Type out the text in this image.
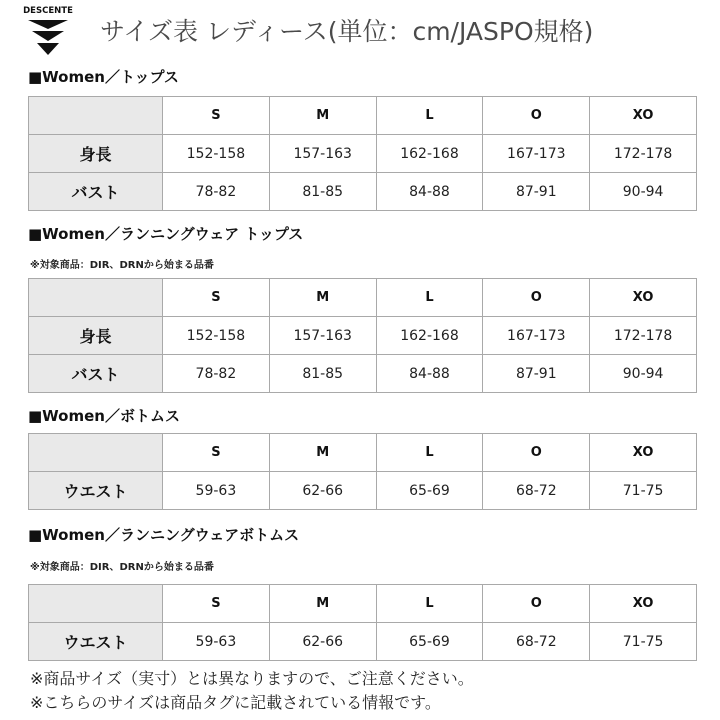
DESCENTE
サイズ表 レディース(単位：cm/JASPO規格)
■Women／トップス
	S	M	L	O	XO
身長	152-158	157-163	162-168	167-173	172-178
バスト	78-82	81-85	84-88	87-91	90-94
■Women／ランニングウェア トップス
※対象商品：DIR、DRNから始まる品番
	S	M	L	O	XO
身長	152-158	157-163	162-168	167-173	172-178
バスト	78-82	81-85	84-88	87-91	90-94
■Women／ボトムス
	S	M	L	O	XO
ウエスト	59-63	62-66	65-69	68-72	71-75
■Women／ランニングウェアボトムス
※対象商品：DIR、DRNから始まる品番
	S	M	L	O	XO
ウエスト	59-63	62-66	65-69	68-72	71-75
※商品サイズ（実寸）とは異なりますので、ご注意ください。
※こちらのサイズは商品タグに記載されている情報です。
